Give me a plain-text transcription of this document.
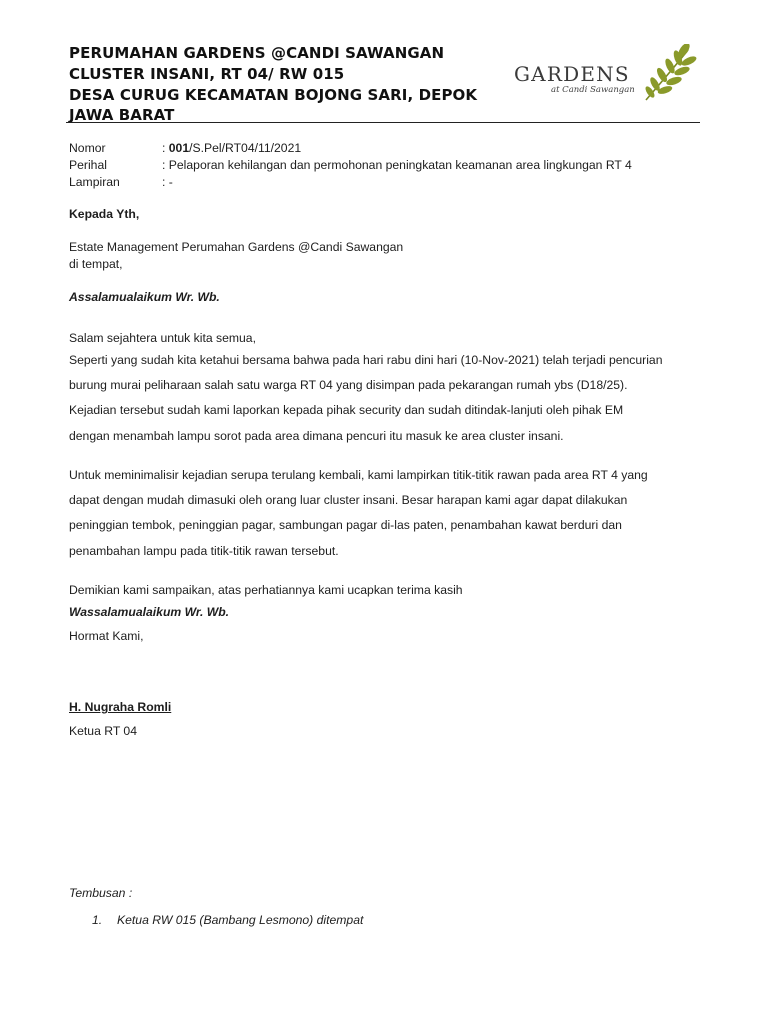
PERUMAHAN GARDENS @CANDI SAWANGAN
CLUSTER INSANI, RT 04/ RW 015
DESA CURUG KECAMATAN BOJONG SARI, DEPOK
JAWA BARAT
GARDENS
at Candi Sawangan
Nomor	: 001/S.Pel/RT04/11/2021
Perihal	: Pelaporan kehilangan dan permohonan peningkatan keamanan area lingkungan RT 4
Lampiran	: -
Kepada Yth,
Estate Management Perumahan Gardens @Candi Sawangan
di tempat,
Assalamualaikum Wr. Wb.
Salam sejahtera untuk kita semua,
Seperti yang sudah kita ketahui bersama bahwa pada hari rabu dini hari (10-Nov-2021) telah terjadi pencurian
burung murai peliharaan salah satu warga RT 04 yang disimpan pada pekarangan rumah ybs (D18/25).
Kejadian tersebut sudah kami laporkan kepada pihak security dan sudah ditindak-lanjuti oleh pihak EM
dengan menambah lampu sorot pada area dimana pencuri itu masuk ke area cluster insani.
Untuk meminimalisir kejadian serupa terulang kembali, kami lampirkan titik-titik rawan pada area RT 4 yang
dapat dengan mudah dimasuki oleh orang luar cluster insani. Besar harapan kami agar dapat dilakukan
peninggian tembok, peninggian pagar, sambungan pagar di-las paten, penambahan kawat berduri dan
penambahan lampu pada titik-titik rawan tersebut.
Demikian kami sampaikan, atas perhatiannya kami ucapkan terima kasih
Wassalamualaikum Wr. Wb.
Hormat Kami,
H. Nugraha Romli
Ketua RT 04
Tembusan :
1. Ketua RW 015 (Bambang Lesmono) ditempat
